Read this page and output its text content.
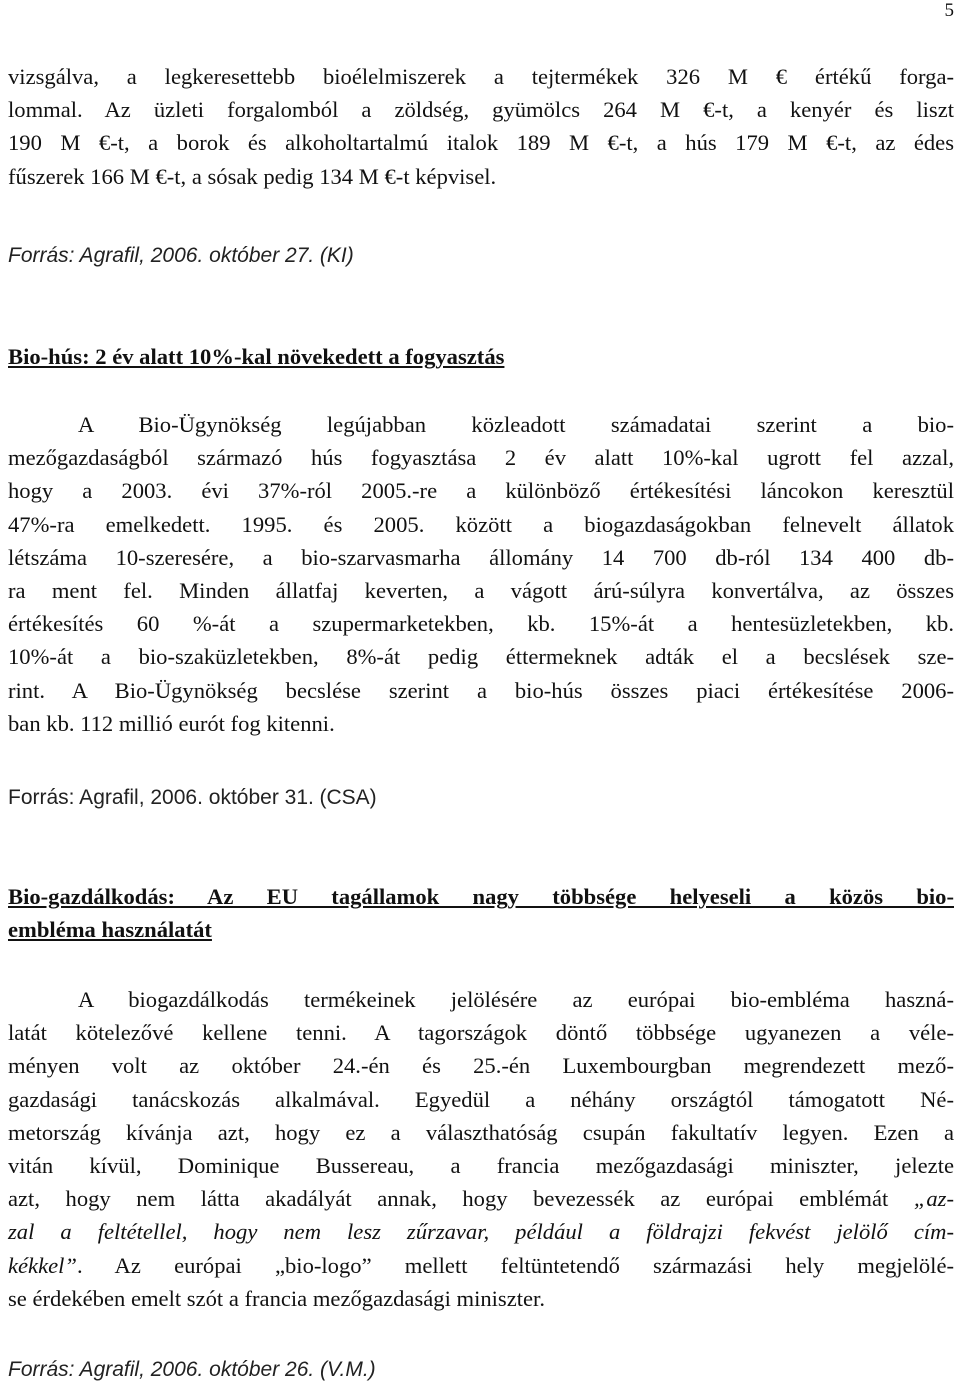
5
vizsgálva, a legkeresettebb bioélelmiszerek a tejtermékek 326 M € értékű forga-
lommal. Az üzleti forgalomból a zöldség, gyümölcs 264 M €-t, a kenyér és liszt
190 M €-t, a borok és alkoholtartalmú italok 189 M €-t, a hús 179 M €-t, az édes
fűszerek 166 M €-t, a sósak pedig 134 M €-t képvisel.
Forrás: Agrafil, 2006. október 27. (KI)
Bio-hús: 2 év alatt 10%-kal növekedett a fogyasztás
A Bio-Ügynökség legújabban közleadott számadatai szerint a bio-
mezőgazdaságból származó hús fogyasztása 2 év alatt 10%-kal ugrott fel azzal,
hogy a 2003. évi 37%-ról 2005.-re a különböző értékesítési láncokon keresztül
47%-ra emelkedett. 1995. és 2005. között a biogazdaságokban felnevelt állatok
létszáma 10-szeresére, a bio-szarvasmarha állomány 14 700 db-ról 134 400 db-
ra ment fel. Minden állatfaj keverten, a vágott árú-súlyra konvertálva, az összes
értékesítés 60 %-át a szupermarketekben, kb. 15%-át a hentesüzletekben, kb.
10%-át a bio-szaküzletekben, 8%-át pedig éttermeknek adták el a becslések sze-
rint. A Bio-Ügynökség becslése szerint a bio-hús összes piaci értékesítése 2006-
ban kb. 112 millió eurót fog kitenni.
Forrás: Agrafil, 2006. október 31. (CSA)
Bio-gazdálkodás: Az EU tagállamok nagy többsége helyeseli a közös bio-
embléma használatát
A biogazdálkodás termékeinek jelölésére az európai bio-embléma haszná-
latát kötelezővé kellene tenni. A tagországok döntő többsége ugyanezen a véle-
ményen volt az október 24.-én és 25.-én Luxembourgban megrendezett mező-
gazdasági tanácskozás alkalmával. Egyedül a néhány országtól támogatott Né-
metország kívánja azt, hogy ez a választhatóság csupán fakultatív legyen. Ezen a
vitán kívül, Dominique Bussereau, a francia mezőgazdasági miniszter, jelezte
azt, hogy nem látta akadályát annak, hogy bevezessék az európai emblémát „az-
zal a feltétellel, hogy nem lesz zűrzavar, például a földrajzi fekvést jelölő cím-
kékkel”. Az európai „bio-logo” mellett feltüntetendő származási hely megjelölé-
se érdekében emelt szót a francia mezőgazdasági miniszter.
Forrás: Agrafil, 2006. október 26. (V.M.)
